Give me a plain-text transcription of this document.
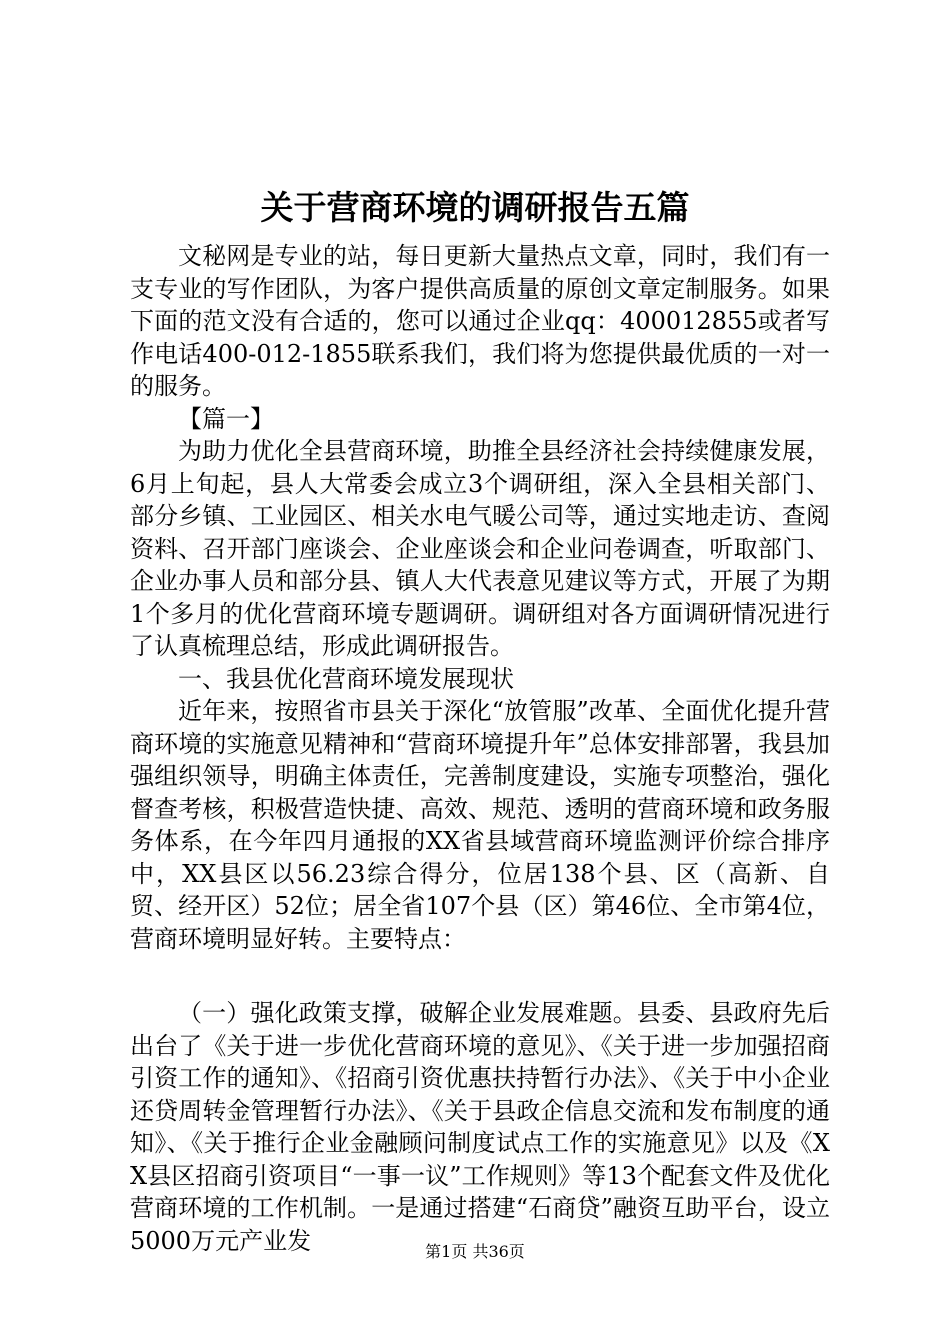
关于营商环境的调研报告五篇

文秘网是专业的站，每日更新大量热点文章，同时，我们有一支专业的写作团队，为客户提供高质量的原创文章定制服务。如果下面的范文没有合适的，您可以通过企业qq：400012855或者写作电话400-012-1855联系我们，我们将为您提供最优质的一对一的服务。

【篇一】

为助力优化全县营商环境，助推全县经济社会持续健康发展，6月上旬起，县人大常委会成立3个调研组，深入全县相关部门、部分乡镇、工业园区、相关水电气暖公司等，通过实地走访、查阅资料、召开部门座谈会、企业座谈会和企业问卷调查，听取部门、企业办事人员和部分县、镇人大代表意见建议等方式，开展了为期1个多月的优化营商环境专题调研。调研组对各方面调研情况进行了认真梳理总结，形成此调研报告。

一、我县优化营商环境发展现状

近年来，按照省市县关于深化“放管服”改革、全面优化提升营商环境的实施意见精神和“营商环境提升年”总体安排部署，我县加强组织领导，明确主体责任，完善制度建设，实施专项整治，强化督查考核，积极营造快捷、高效、规范、透明的营商环境和政务服务体系，在今年四月通报的XX省县域营商环境监测评价综合排序中，XX县区以56.23综合得分，位居138个县、区（高新、自贸、经开区）52位；居全省107个县（区）第46位、全市第4位，营商环境明显好转。主要特点：

（一）强化政策支撑，破解企业发展难题。县委、县政府先后出台了《关于进一步优化营商环境的意见》、《关于进一步加强招商引资工作的通知》、《招商引资优惠扶持暂行办法》、《关于中小企业还贷周转金管理暂行办法》、《关于县政企信息交流和发布制度的通知》、《关于推行企业金融顾问制度试点工作的实施意见》以及《XX县区招商引资项目“一事一议”工作规则》等13个配套文件及优化营商环境的工作机制。一是通过搭建“石商贷”融资互助平台，设立5000万元产业发	第1页 共36页
